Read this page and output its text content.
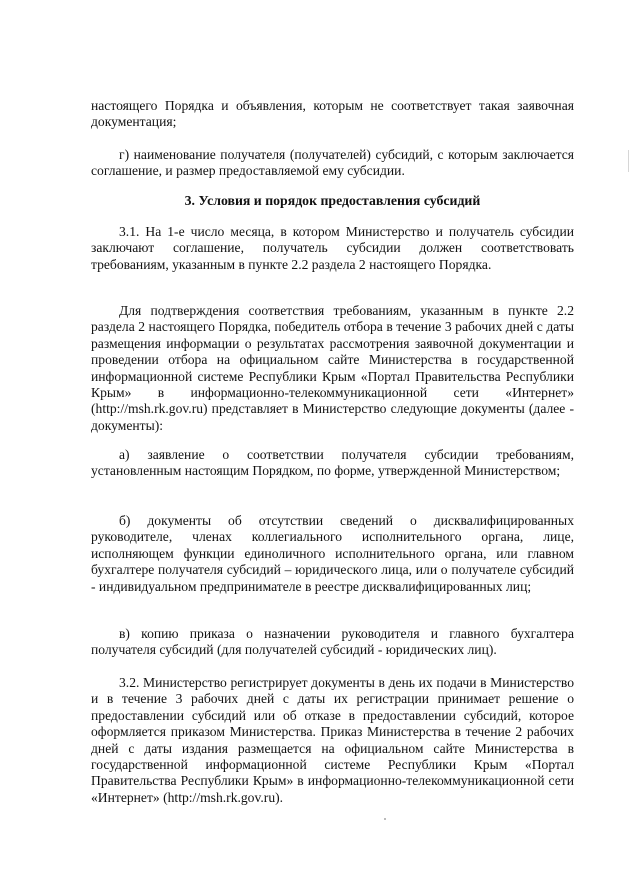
настоящего Порядка и объявления, которым не соответствует такая заявочная документация;

г) наименование получателя (получателей) субсидий, с которым заключается соглашение, и размер предоставляемой ему субсидии.

3. Условия и порядок предоставления субсидий

3.1. На 1-е число месяца, в котором Министерство и получатель субсидии заключают соглашение, получатель субсидии должен соответствовать требованиям, указанным в пункте 2.2 раздела 2 настоящего Порядка.

Для подтверждения соответствия требованиям, указанным в пункте 2.2 раздела 2 настоящего Порядка, победитель отбора в течение 3 рабочих дней с даты размещения информации о результатах рассмотрения заявочной документации и проведении отбора на официальном сайте Министерства в государственной информационной системе Республики Крым «Портал Правительства Республики Крым» в информационно-телекоммуникационной сети «Интернет» (http://msh.rk.gov.ru) представляет в Министерство следующие документы (далее - документы):

а) заявление о соответствии получателя субсидии требованиям, установленным настоящим Порядком, по форме, утвержденной Министерством;

б) документы об отсутствии сведений о дисквалифицированных руководителе, членах коллегиального исполнительного органа, лице, исполняющем функции единоличного исполнительного органа, или главном бухгалтере получателя субсидий – юридического лица, или о получателе субсидий - индивидуальном предпринимателе в реестре дисквалифицированных лиц;

в) копию приказа о назначении руководителя и главного бухгалтера получателя субсидий (для получателей субсидий - юридических лиц).

3.2. Министерство регистрирует документы в день их подачи в Министерство и в течение 3 рабочих дней с даты их регистрации принимает решение о предоставлении субсидий или об отказе в предоставлении субсидий, которое оформляется приказом Министерства. Приказ Министерства в течение 2 рабочих дней с даты издания размещается на официальном сайте Министерства в государственной информационной системе Республики Крым «Портал Правительства Республики Крым» в информационно-телекоммуникационной сети «Интернет» (http://msh.rk.gov.ru).
